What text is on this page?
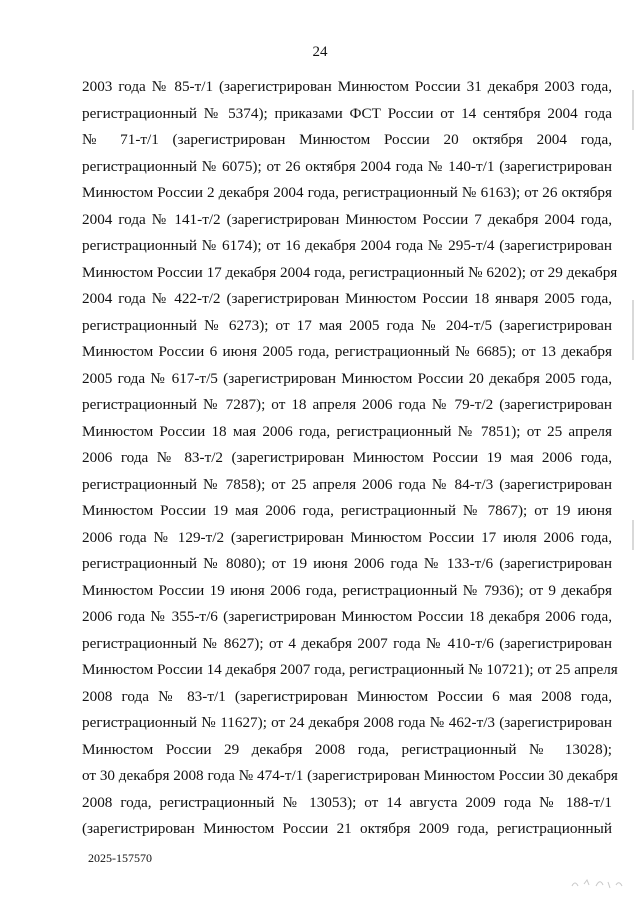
24
2003 года № 85-т/1 (зарегистрирован Минюстом России 31 декабря 2003 года,
регистрационный № 5374); приказами ФСТ России от 14 сентября 2004 года
№ 71-т/1 (зарегистрирован Минюстом России 20 октября 2004 года,
регистрационный № 6075); от 26 октября 2004 года № 140-т/1 (зарегистрирован
Минюстом России 2 декабря 2004 года, регистрационный № 6163); от 26 октября
2004 года № 141-т/2 (зарегистрирован Минюстом России 7 декабря 2004 года,
регистрационный № 6174); от 16 декабря 2004 года № 295-т/4 (зарегистрирован
Минюстом России 17 декабря 2004 года, регистрационный № 6202); от 29 декабря
2004 года № 422-т/2 (зарегистрирован Минюстом России 18 января 2005 года,
регистрационный № 6273); от 17 мая 2005 года № 204-т/5 (зарегистрирован
Минюстом России 6 июня 2005 года, регистрационный № 6685); от 13 декабря
2005 года № 617-т/5 (зарегистрирован Минюстом России 20 декабря 2005 года,
регистрационный № 7287); от 18 апреля 2006 года № 79-т/2 (зарегистрирован
Минюстом России 18 мая 2006 года, регистрационный № 7851); от 25 апреля
2006 года № 83-т/2 (зарегистрирован Минюстом России 19 мая 2006 года,
регистрационный № 7858); от 25 апреля 2006 года № 84-т/3 (зарегистрирован
Минюстом России 19 мая 2006 года, регистрационный № 7867); от 19 июня
2006 года № 129-т/2 (зарегистрирован Минюстом России 17 июля 2006 года,
регистрационный № 8080); от 19 июня 2006 года № 133-т/6 (зарегистрирован
Минюстом России 19 июня 2006 года, регистрационный № 7936); от 9 декабря
2006 года № 355-т/6 (зарегистрирован Минюстом России 18 декабря 2006 года,
регистрационный № 8627); от 4 декабря 2007 года № 410-т/6 (зарегистрирован
Минюстом России 14 декабря 2007 года, регистрационный № 10721); от 25 апреля
2008 года № 83-т/1 (зарегистрирован Минюстом России 6 мая 2008 года,
регистрационный № 11627); от 24 декабря 2008 года № 462-т/3 (зарегистрирован
Минюстом России 29 декабря 2008 года, регистрационный № 13028);
от 30 декабря 2008 года № 474-т/1 (зарегистрирован Минюстом России 30 декабря
2008 года, регистрационный № 13053); от 14 августа 2009 года № 188-т/1
(зарегистрирован Минюстом России 21 октября 2009 года, регистрационный
2025-157570
